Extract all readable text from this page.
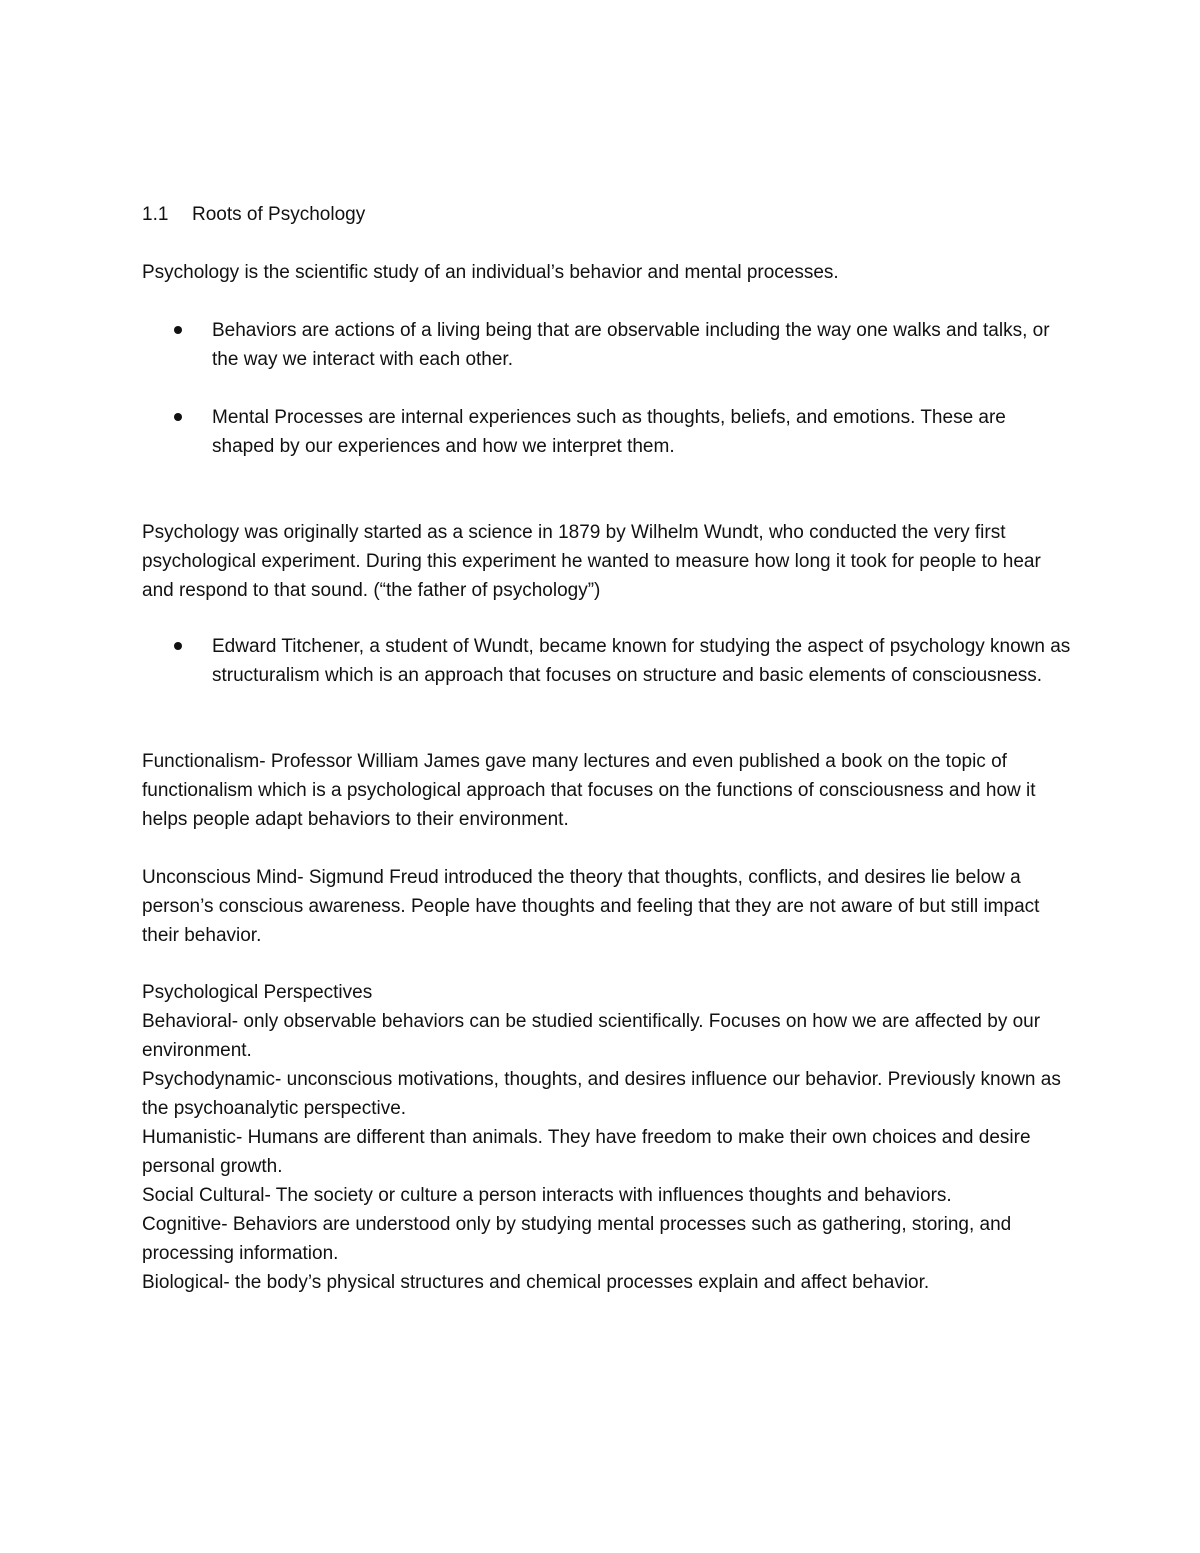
1.1 Roots of Psychology

Psychology is the scientific study of an individual’s behavior and mental processes.

Behaviors are actions of a living being that are observable including the way one walks and talks, or the way we interact with each other.
Mental Processes are internal experiences such as thoughts, beliefs, and emotions. These are shaped by our experiences and how we interpret them.

Psychology was originally started as a science in 1879 by Wilhelm Wundt, who conducted the very first psychological experiment. During this experiment he wanted to measure how long it took for people to hear and respond to that sound. (“the father of psychology”)

Edward Titchener, a student of Wundt, became known for studying the aspect of psychology known as structuralism which is an approach that focuses on structure and basic elements of consciousness.

Functionalism- Professor William James gave many lectures and even published a book on the topic of functionalism which is a psychological approach that focuses on the functions of consciousness and how it helps people adapt behaviors to their environment.

Unconscious Mind- Sigmund Freud introduced the theory that thoughts, conflicts, and desires lie below a person’s conscious awareness. People have thoughts and feeling that they are not aware of but still impact their behavior.

Psychological Perspectives

Behavioral- only observable behaviors can be studied scientifically. Focuses on how we are affected by our environment.

Psychodynamic- unconscious motivations, thoughts, and desires influence our behavior. Previously known as the psychoanalytic perspective.

Humanistic- Humans are different than animals. They have freedom to make their own choices and desire personal growth.

Social Cultural- The society or culture a person interacts with influences thoughts and behaviors.

Cognitive- Behaviors are understood only by studying mental processes such as gathering, storing, and processing information.

Biological- the body’s physical structures and chemical processes explain and affect behavior.
